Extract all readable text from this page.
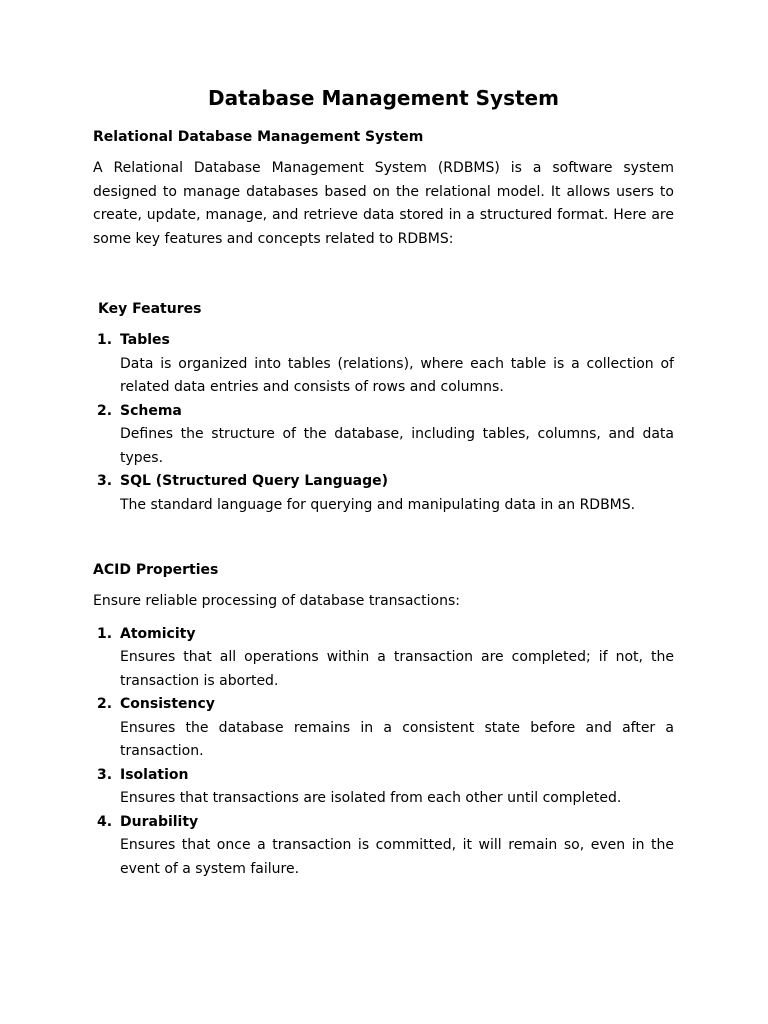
Database Management System
Relational Database Management System

A Relational Database Management System (RDBMS) is a software system designed to manage databases based on the relational model. It allows users to create, update, manage, and retrieve data stored in a structured format. Here are some key features and concepts related to RDBMS:

Key Features
1. Tables
Data is organized into tables (relations), where each table is a collection of related data entries and consists of rows and columns.
2. Schema
Defines the structure of the database, including tables, columns, and data types.
3. SQL (Structured Query Language)
The standard language for querying and manipulating data in an RDBMS.
ACID Properties

Ensure reliable processing of database transactions:

1. Atomicity
Ensures that all operations within a transaction are completed; if not, the transaction is aborted.
2. Consistency
Ensures the database remains in a consistent state before and after a transaction.
3. Isolation
Ensures that transactions are isolated from each other until completed.
4. Durability
Ensures that once a transaction is committed, it will remain so, even in the event of a system failure.
